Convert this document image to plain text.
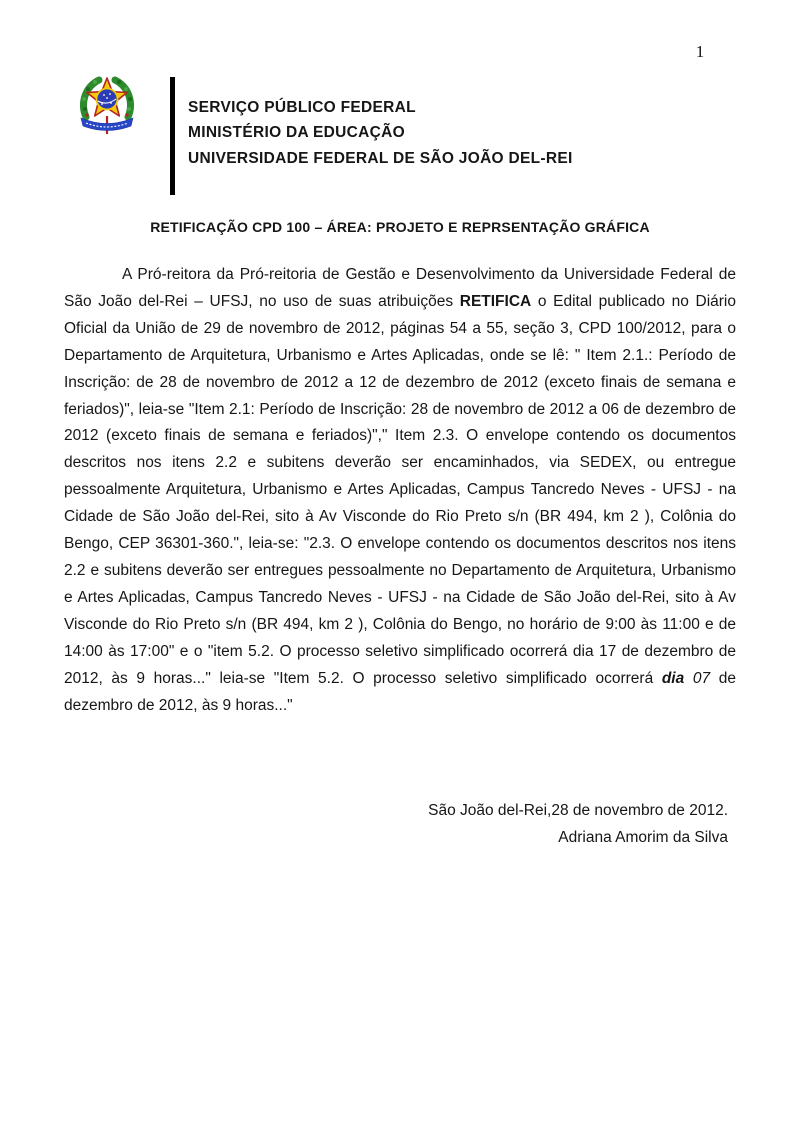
1
SERVIÇO PÚBLICO FEDERAL
MINISTÉRIO DA EDUCAÇÃO
UNIVERSIDADE FEDERAL DE SÃO JOÃO DEL-REI
RETIFICAÇÃO CPD 100 – ÁREA: PROJETO E REPRSENTAÇÃO GRÁFICA

A Pró-reitora da Pró-reitoria de Gestão e Desenvolvimento da Universidade Federal de São João del-Rei – UFSJ, no uso de suas atribuições RETIFICA o Edital publicado no Diário Oficial da União de 29 de novembro de 2012, páginas 54 a 55, seção 3, CPD 100/2012, para o Departamento de Arquitetura, Urbanismo e Artes Aplicadas, onde se lê: " Item 2.1.: Período de Inscrição: de 28 de novembro de 2012 a 12 de dezembro de 2012 (exceto finais de semana e feriados)", leia-se "Item 2.1: Período de Inscrição: 28 de novembro de 2012 a 06 de dezembro de 2012 (exceto finais de semana e feriados)"," Item 2.3. O envelope contendo os documentos descritos nos itens 2.2 e subitens deverão ser encaminhados, via SEDEX, ou entregue pessoalmente Arquitetura, Urbanismo e Artes Aplicadas, Campus Tancredo Neves - UFSJ - na Cidade de São João del-Rei, sito à Av Visconde do Rio Preto s/n (BR 494, km 2 ), Colônia do Bengo, CEP 36301-360.", leia-se: "2.3. O envelope contendo os documentos descritos nos itens 2.2 e subitens deverão ser entregues pessoalmente no Departamento de Arquitetura, Urbanismo e Artes Aplicadas, Campus Tancredo Neves - UFSJ - na Cidade de São João del-Rei, sito à Av Visconde do Rio Preto s/n (BR 494, km 2 ), Colônia do Bengo, no horário de 9:00 às 11:00 e de 14:00 às 17:00" e o "item 5.2. O processo seletivo simplificado ocorrerá dia 17 de dezembro de 2012, às 9 horas..." leia-se "Item 5.2. O processo seletivo simplificado ocorrerá dia 07 de dezembro de 2012, às 9 horas..."

São João del-Rei,28 de novembro de 2012.
Adriana Amorim da Silva
